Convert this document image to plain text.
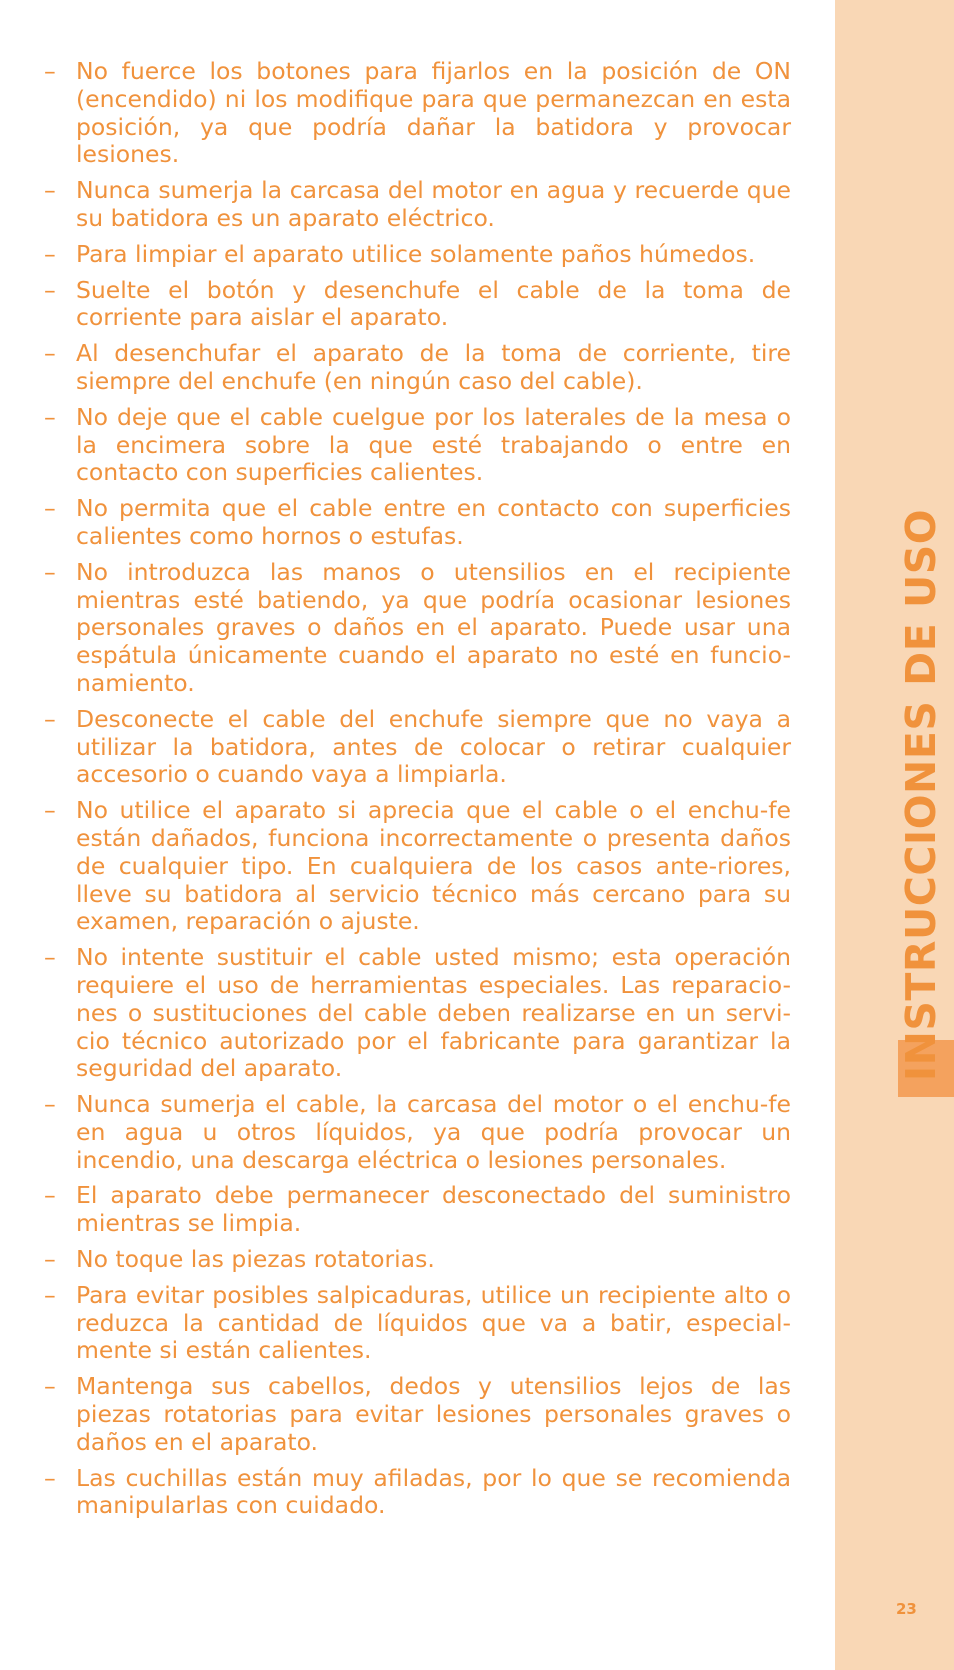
– No fuerce los botones para fijarlos en la posición de ON (encendido) ni los modifique para que permanezcan en esta posición, ya que podría dañar la batidora y provocar lesiones.
– Nunca sumerja la carcasa del motor en agua y recuerde que su batidora es un aparato eléctrico.
– Para limpiar el aparato utilice solamente paños húmedos.
– Suelte el botón y desenchufe el cable de la toma de corriente para aislar el aparato.
– Al desenchufar el aparato de la toma de corriente, tire siempre del enchufe (en ningún caso del cable).
– No deje que el cable cuelgue por los laterales de la mesa o la encimera sobre la que esté trabajando o entre en contacto con superficies calientes.
– No permita que el cable entre en contacto con superficies calientes como hornos o estufas.
– No introduzca las manos o utensilios en el recipiente mientras esté batiendo, ya que podría ocasionar lesiones personales graves o daños en el aparato. Puede usar una espátula únicamente cuando el aparato no esté en funcio-namiento.
– Desconecte el cable del enchufe siempre que no vaya a utilizar la batidora, antes de colocar o retirar cualquier accesorio o cuando vaya a limpiarla.
– No utilice el aparato si aprecia que el cable o el enchu-fe están dañados, funciona incorrectamente o presenta daños de cualquier tipo. En cualquiera de los casos ante-riores, lleve su batidora al servicio técnico más cercano para su examen, reparación o ajuste.
– No intente sustituir el cable usted mismo; esta operación requiere el uso de herramientas especiales. Las reparacio-nes o sustituciones del cable deben realizarse en un servi-cio técnico autorizado por el fabricante para garantizar la seguridad del aparato.
– Nunca sumerja el cable, la carcasa del motor o el enchu-fe en agua u otros líquidos, ya que podría provocar un incendio, una descarga eléctrica o lesiones personales.
– El aparato debe permanecer desconectado del suministro mientras se limpia.
– No toque las piezas rotatorias.
– Para evitar posibles salpicaduras, utilice un recipiente alto o reduzca la cantidad de líquidos que va a batir, especial-mente si están calientes.
– Mantenga sus cabellos, dedos y utensilios lejos de las piezas rotatorias para evitar lesiones personales graves o daños en el aparato.
– Las cuchillas están muy afiladas, por lo que se recomienda manipularlas con cuidado.
INSTRUCCIONES DE USO
23
